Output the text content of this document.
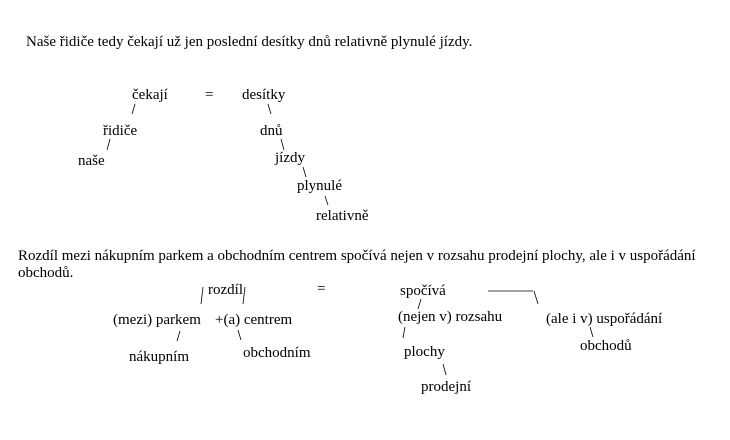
Naše řidiče tedy čekají už jen poslední desítky dnů relativně plynulé jízdy.
čekají = desítky
řidiče	dnů
naše	jízdy
plynulé
relativně
Rozdíl mezi nákupním parkem a obchodním centrem spočívá nejen v rozsahu prodejní plochy, ale i v uspořádání obchodů.
rozdíl	=	spočívá
(mezi) parkem +(a) centrem	(nejen v) rozsahu	(ale i v) uspořádání
nákupním	obchodním	obchodů
plochy
prodejní
